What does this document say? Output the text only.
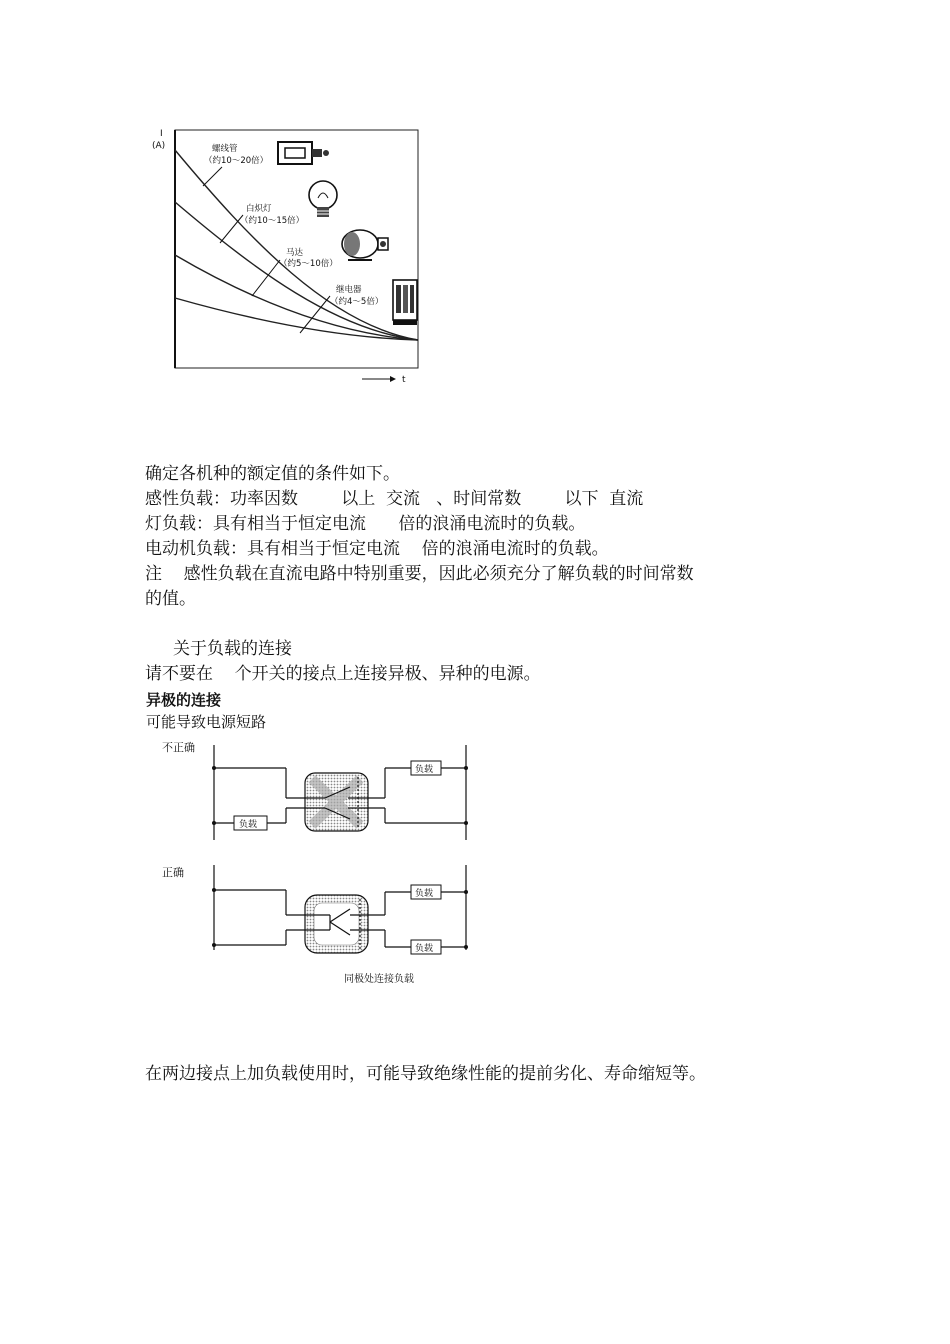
I
(A)
t
螺线管
（约10～20倍）
白炽灯
（约10～15倍）
马达
（约5～10倍）
继电器
（约4～5倍）
确定各机种的额定值的条件如下。
感性负载：功率因数        以上  交流   、时间常数        以下  直流
灯负载：具有相当于恒定电流      倍的浪涌电流时的负载。
电动机负载：具有相当于恒定电流    倍的浪涌电流时的负载。
注    感性负载在直流电路中特别重要，因此必须充分了解负载的时间常数
的值。
关于负载的连接
请不要在    个开关的接点上连接异极、异种的电源。
异极的连接
可能导致电源短路
不正确
负载
负载
正确
负载
负载
同极处连接负载
在两边接点上加负载使用时，可能导致绝缘性能的提前劣化、寿命缩短等。
